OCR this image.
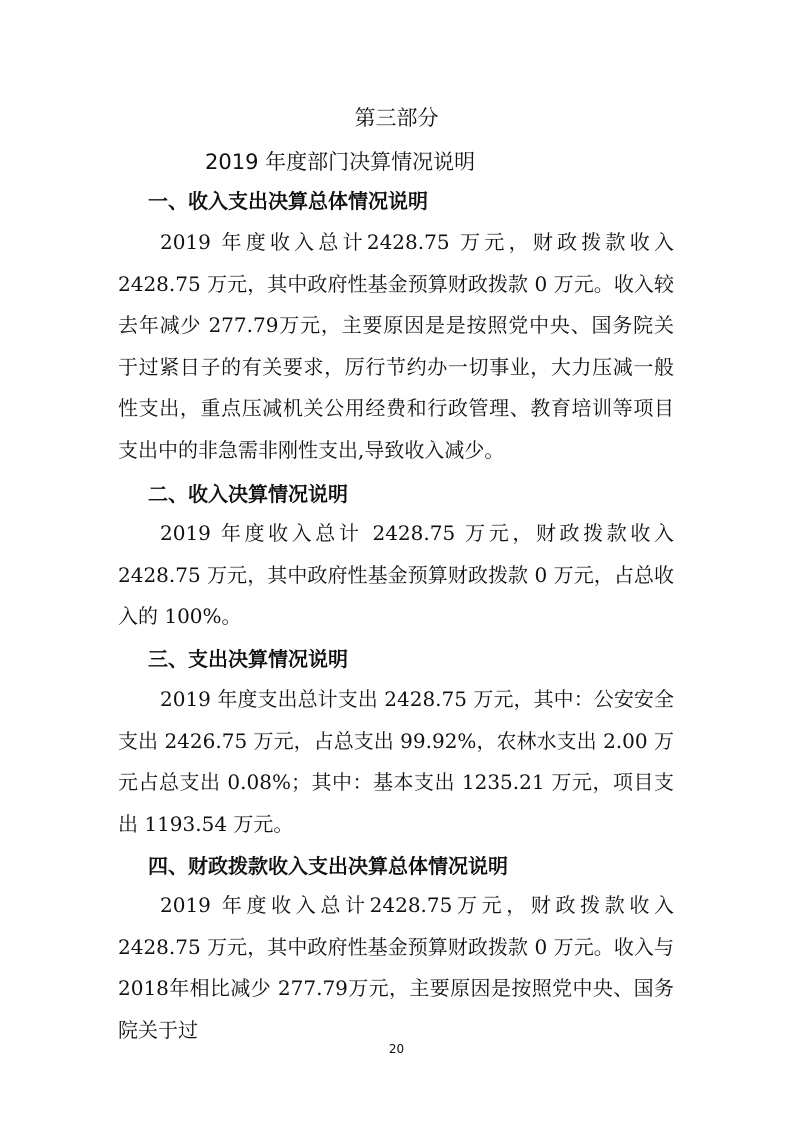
第三部分
2019 年度部门决算情况说明
一、收入支出决算总体情况说明
2019 年度收入总计2428.75 万元，财政拨款收入 2428.75 万元，其中政府性基金预算财政拨款 0 万元。收入较去年减少 277.79万元，主要原因是是按照党中央、国务院关于过紧日子的有关要求，厉行节约办一切事业，大力压减一般性支出，重点压减机关公用经费和行政管理、教育培训等项目支出中的非急需非刚性支出,导致收入减少。
二、收入决算情况说明
2019 年度收入总计 2428.75 万元，财政拨款收入 2428.75 万元，其中政府性基金预算财政拨款 0 万元，占总收入的 100%。
三、支出决算情况说明
2019 年度支出总计支出 2428.75 万元，其中：公安安全支出 2426.75 万元，占总支出 99.92%，农林水支出 2.00 万元占总支出 0.08%；其中：基本支出 1235.21 万元，项目支出 1193.54 万元。
四、财政拨款收入支出决算总体情况说明
2019 年度收入总计2428.75万元，财政拨款收入 2428.75 万元，其中政府性基金预算财政拨款 0 万元。收入与2018年相比减少 277.79万元，主要原因是按照党中央、国务院关于过
20
